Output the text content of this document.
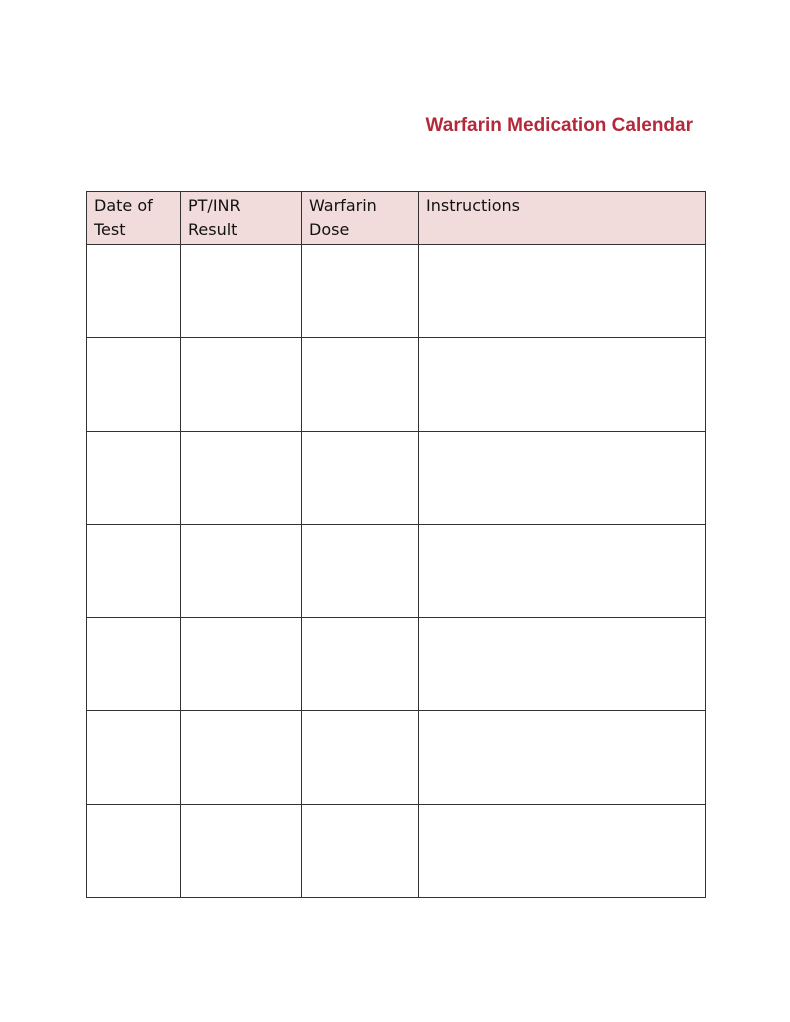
Warfarin Medication Calendar
Date of Test	PT/INR Result	Warfarin Dose	Instructions
